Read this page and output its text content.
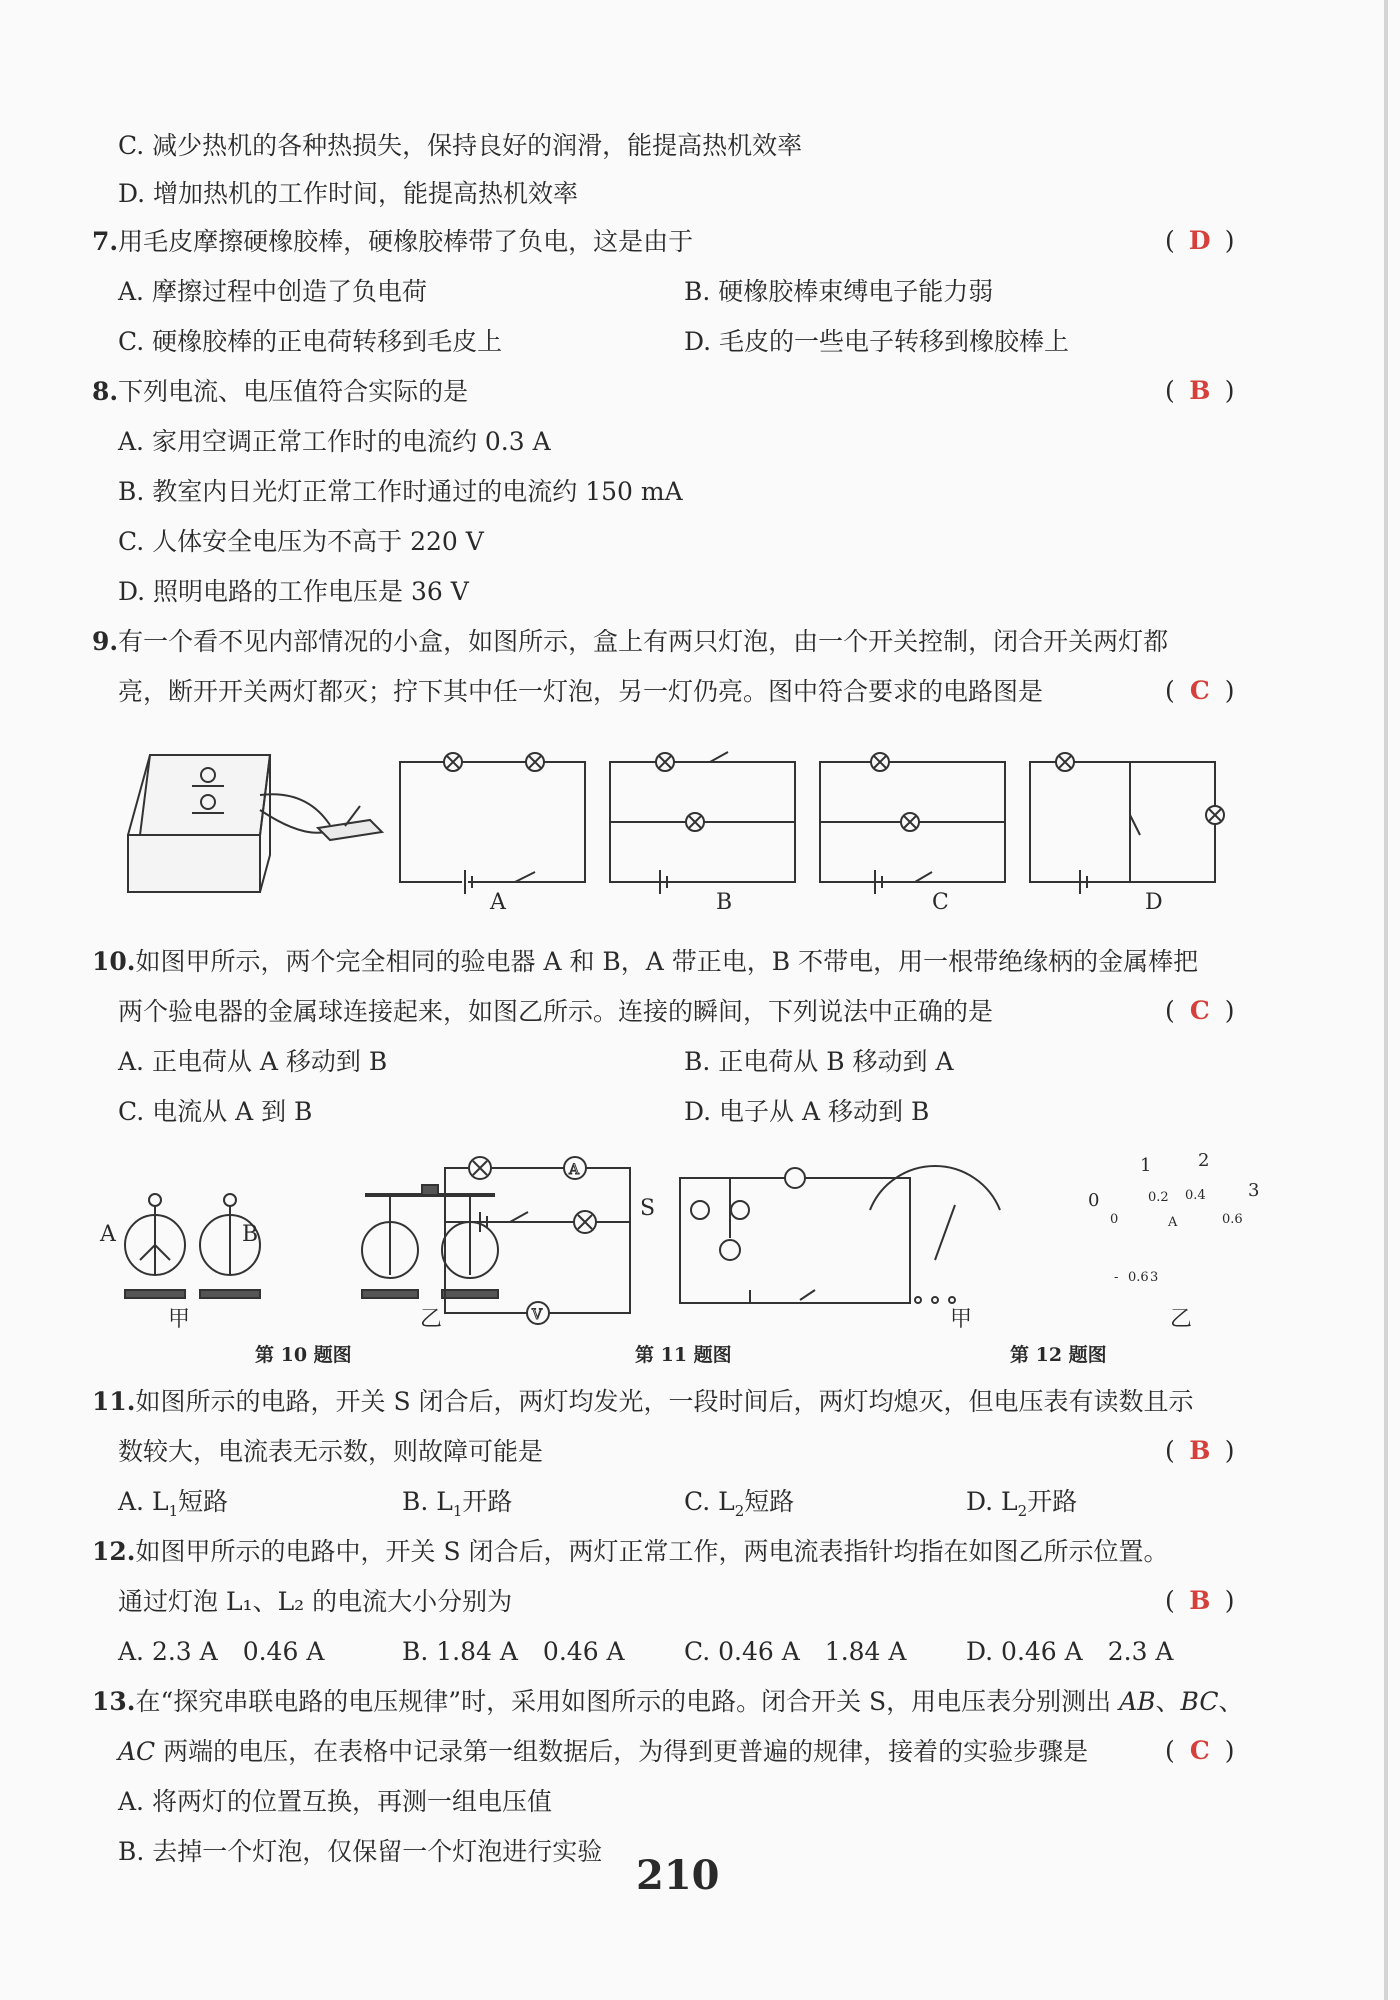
C. 减少热机的各种热损失，保持良好的润滑，能提高热机效率
D. 增加热机的工作时间，能提高热机效率
7.用毛皮摩擦硬橡胶棒，硬橡胶棒带了负电，这是由于	( D )
A. 摩擦过程中创造了负电荷	B. 硬橡胶棒束缚电子能力弱
C. 硬橡胶棒的正电荷转移到毛皮上	D. 毛皮的一些电子转移到橡胶棒上
8.下列电流、电压值符合实际的是	( B )
A. 家用空调正常工作时的电流约 0.3 A
B. 教室内日光灯正常工作时通过的电流约 150 mA
C. 人体安全电压为不高于 220 V
D. 照明电路的工作电压是 36 V
9.有一个看不见内部情况的小盒，如图所示，盒上有两只灯泡，由一个开关控制，闭合开关两灯都
亮，断开开关两灯都灭；拧下其中任一灯泡，另一灯仍亮。图中符合要求的电路图是	( C )
A	B	C	D
10.如图甲所示，两个完全相同的验电器 A 和 B，A 带正电，B 不带电，用一根带绝缘柄的金属棒把
两个验电器的金属球连接起来，如图乙所示。连接的瞬间，下列说法中正确的是	( C )
A. 正电荷从 A 移动到 B	B. 正电荷从 B 移动到 A
C. 电流从 A 到 B	D. 电子从 A 移动到 B
A
V
A	B
甲	乙
S
甲	乙
1	2
3
0
0
0.2 0.4
0.6
A
- 0.6 3
第 10 题图	第 11 题图	第 12 题图
11.如图所示的电路，开关 S 闭合后，两灯均发光，一段时间后，两灯均熄灭，但电压表有读数且示
数较大，电流表无示数，则故障可能是	( B )
A. $L_1$短路	B. $L_1$开路	C. $L_2$短路	D. $L_2$开路
12.如图甲所示的电路中，开关 S 闭合后，两灯正常工作，两电流表指针均指在如图乙所示位置。
通过灯泡 L₁、L₂ 的电流大小分别为	( B )
A. 2.3 A　0.46 A	B. 1.84 A　0.46 A C. 0.46 A　1.84 A D. 0.46 A　2.3 A
13.在“探究串联电路的电压规律”时，采用如图所示的电路。闭合开关 S，用电压表分别测出 AB、BC、
AC 两端的电压，在表格中记录第一组数据后，为得到更普遍的规律，接着的实验步骤是	( C )
A. 将两灯的位置互换，再测一组电压值
B. 去掉一个灯泡，仅保留一个灯泡进行实验
210
